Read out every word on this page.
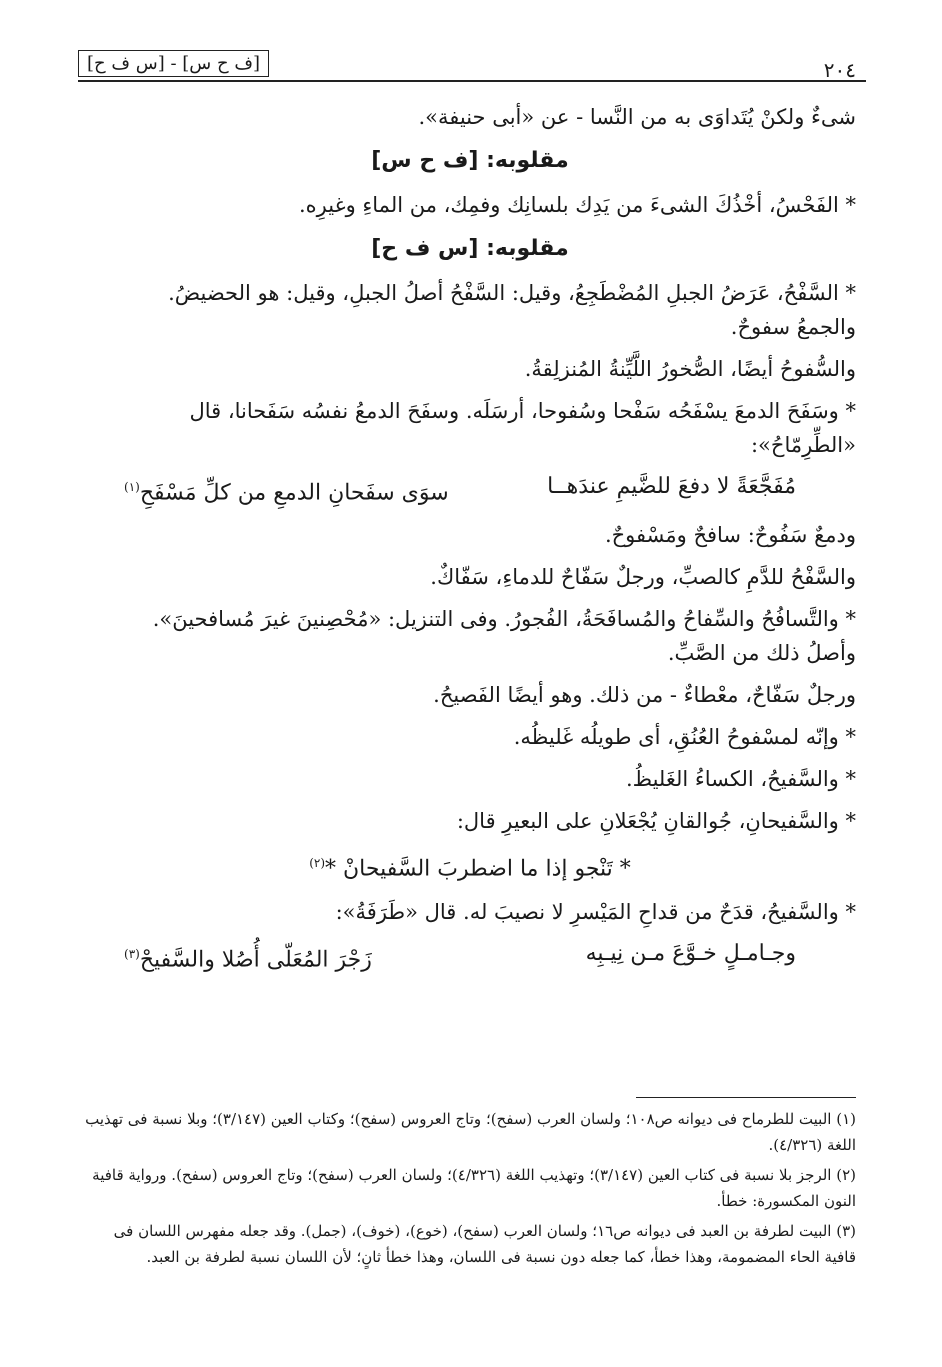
٢٠٤
[ف ح س] - [س ف ح]

شىءٌ ولكنْ يُتَداوَى به من النَّسا - عن «أبى حنيفة».

مقلوبه: [ف ح س]

* الفَحْسُ، أخْذُكَ الشىءَ من يَدِك بلسانِك وفمِك، من الماءِ وغيرِه.

مقلوبه: [س ف ح]

* السَّفْحُ، عَرَضُ الجبلِ المُضْطَجِعُ، وقيل: السَّفْحُ أصلُ الجبلِ، وقيل: هو الحضيضُ.

والجمعُ سفوحٌ.

والسُّفوحُ أيضًا، الصُّخورُ اللَّيِّنةُ المُنزلِقةُ.

* وسَفَحَ الدمعَ يسْفَحُه سَفْحا وسُفوحا، أرسَلَه. وسفَحَ الدمعُ نفسُه سَفَحانا، قال

«الطِّرِمّاحُ»:

مُفَجَّعَةً لا دفعَ للضَّيمِ عندَهــا
سوَى سفَحانِ الدمعِ من كلِّ مَسْفَحِ$^{(١)}$

ودمعٌ سَفُوحٌ: سافحٌ ومَسْفوحٌ.

والسَّفْحُ للدَّمِ كالصبِّ، ورجلٌ سَفّاحٌ للدماءِ، سَفّاكٌ.

* والتَّسافُحُ والسِّفاحُ والمُسافَحَةُ، الفُجورُ. وفى التنزيل: «مُحْصِنينَ غيرَ مُسافحينَ».

وأصلُ ذلك من الصَّبِّ.

ورجلٌ سَفّاحٌ، معْطاءٌ - من ذلك. وهو أيضًا الفَصيحُ.

* وإنّه لمسْفوحُ العُنُقِ، أى طويلُه غَليظُه.

* والسَّفيحُ، الكساءُ الغَليظُ.

* والسَّفيحانِ، جُوالقانِ يُجْعَلانِ على البعيرِ قال:

* تَنْجو إذا ما اضطربَ السَّفيحانْ *$^{(٢)}$

* والسَّفيحُ، قدَحٌ من قداحِ المَيْسرِ لا نصيبَ له. قال «طَرَفَةُ»:

وجـامـلٍ خـوَّعَ مـن نِيـبِه
زَجْرَ المُعَلّى أُصُلا والسَّفيحْ$^{(٣)}$

(١) البيت للطرماح فى ديوانه ص١٠٨؛ ولسان العرب (سفح)؛ وتاج العروس (سفح)؛ وكتاب العين (٣/١٤٧)؛ وبلا نسبة فى تهذيب اللغة (٤/٣٢٦).

(٢) الرجز بلا نسبة فى كتاب العين (٣/١٤٧)؛ وتهذيب اللغة (٤/٣٢٦)؛ ولسان العرب (سفح)؛ وتاج العروس (سفح). ورواية قافية النون المكسورة: خطأ.

(٣) البيت لطرفة بن العبد فى ديوانه ص١٦؛ ولسان العرب (سفح)، (خوع)، (خوف)، (جمل). وقد جعله مفهرس اللسان فى قافية الحاء المضمومة، وهذا خطأ، كما جعله دون نسبة فى اللسان، وهذا خطأ ثانٍ؛ لأن اللسان نسبة لطرفة بن العبد.
